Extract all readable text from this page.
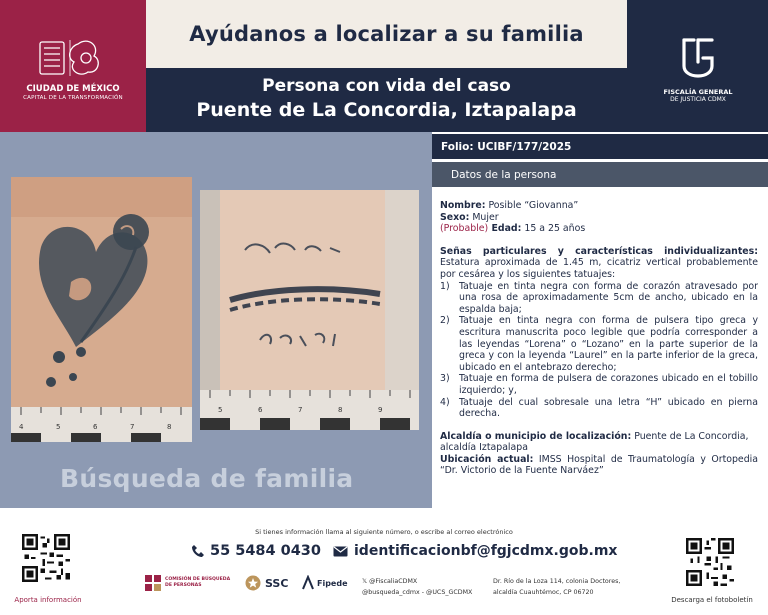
CIUDAD DE MÉXICO
CAPITAL DE LA TRANSFORMACIÓN
Ayúdanos a localizar a su familia
Persona con vida del caso
Puente de La Concordia, Iztapalapa
FISCALÍA GENERAL
DE JUSTICIA CDMX
4	5	6	7	8
5	6	7	8	9
Búsqueda de familia
Folio: UCIBF/177/2025
Datos de la persona

Nombre: Posible “Giovanna”

Sexo: Mujer

(Probable) Edad: 15 a 25 años

Señas particulares y características individualizantes: Estatura aproximada de 1.45 m, cicatriz vertical probablemente por cesárea y los siguientes tatuajes:

1) Tatuaje en tinta negra con forma de corazón atravesado por una rosa de aproximadamente 5cm de ancho, ubicado en la espalda baja;
2) Tatuaje en tinta negra con forma de pulsera tipo greca y escritura manuscrita poco legible que podría corresponder a las leyendas “Lorena” o “Lozano” en la parte superior de la greca y con la leyenda “Laurel” en la parte inferior de la greca, ubicado en el antebrazo derecho;
3) Tatuaje en forma de pulsera de corazones ubicado en el tobillo izquierdo; y,
4) Tatuaje del cual sobresale una letra “H” ubicado en pierna derecha.

Alcaldía o municipio de localización: Puente de La Concordia, alcaldía Iztapalapa

Ubicación actual: IMSS Hospital de Traumatología y Ortopedia “Dr. Victorio de la Fuente Narváez”

Si tienes información llama al siguiente número, o escribe al correo electrónico
Aporta información
55 5484 0430 identificacionbf@fgjcdmx.gob.mx
COMISIÓN DE BÚSQUEDA
DE PERSONAS	SSC	Fipede 𝕏 @FiscaliaCDMX
@busqueda_cdmx - @UCS_GCDMX
Dr. Río de la Loza 114, colonia Doctores,
alcaldía Cuauhtémoc, CP 06720
Descarga el fotoboletín
